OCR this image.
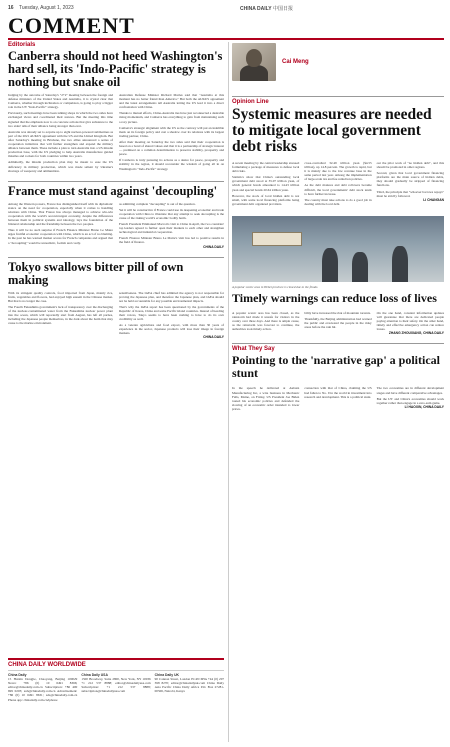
16 Tuesday, August 1, 2023	CHINA DAILY 中国日报
COMMENT
Editorials
Canberra should not heed Washington's hard sell, its 'Indo-Pacific' strategy is nothing but snake oil

Judging by the outcome of Saturday's "2+2" meeting between the foreign and defense ministers of the United States and Australia, it is crystal clear that Canberra, whether through inclination or compulsion, is going to play a bigger role in the US' "Indo-Pacific" strategy.

Previously, such meetings have been talking shops in which the two sides have exchanged views and coordinated their stances. But the meeting this time signaled that the emphasis now is on concrete actions that give substance to the two sides' talk of their alliance being stronger than ever.

Australia was already set to acquire up to eight nuclear-powered submarines as part of the 2021 AUKUS agreement with the US and the United Kingdom. But after Saturday's meeting in Brisbane, the two allies announced a series of cooperation initiatives that will further strengthen and expand the military alliance between them. These include a plan to turn Australia into a US missile production base, with the US pledging to help Australia manufacture guided missiles and rockets for both countries within two years.

Admittedly, the missile production plan may be meant to ease the US deficiency in military production, which was made salient by Ukraine's shortage of weaponry and ammunition.

Australian Defense Minister Richard Marles said that "Australia at this moment has no better friend than America." But both the AUKUS agreement and the latest arrangements tell Australia letting the US lead it into a direct confrontation with China.

Thanks to mutual efforts, China-Australia ties have just reconnected a desirable rising momentum, and Canberra has everything to gain from maintaining such a rosy picture.

Canberra's strategic alignment with the US as the contrary will put an indelible mark on its foreign policy and cast a shadow over its relations with its largest trading partner, China.

After their meeting on Saturday the two sides said that their cooperation is based on a bond of shared values and that it is a partnership of strategic interest — premised on a common determination to preserve stability, prosperity and peace.

If Canberra is truly pursuing its actions as a desire for peace, prosperity and stability in the region, it should reconsider the wisdom of going all in on Washington's "Indo-Pacific" strategy.

France must stand against 'decoupling'

Among the Western powers, France has distinguished itself with its diplomatic stance on the need for cooperation, especially when it comes to handling relations with China. That France has always managed to achieve win-win cooperation with the world's second-largest economy, despite the differences between them in political systems and ideology, lays the foundation of the bilateral relationship and the friendship between the two peoples.

Thus it will be no such surprise if French Finance Minister Bruno Le Maire urges fruitful economic cooperation with China, which is an act of no blaming. In the past he has warned market access for French companies and argued that a "decoupling" would be unrealistic, foolish and costly.

as admitting complete "decoupling" is out of the question.

Yet it will be constructive if France could use its deepening economic and trade cooperation with China to illustrate that any attempt to seek decoupling is the cause of the risking world's economic bodily harm.

French President Emmanuel Macron's visit to China in April, the two countries' top leaders agreed to further open their markets to each other and strengthen technological and industrial cooperation.

French Finance Minister Bruno Le Maire's visit has led to positive results in the field of finance.

CHINA DAILY

Tokyo swallows bitter pill of own making

With its stringent quality controls, food imported from Japan, mainly rice, fruits, vegetables and flowers, had enjoyed high esteem in the Chinese market. But that is no longer the case.

The Fourth Fukushima government's lack of transparency over the discharging of the nuclear-contaminated water from the Fukushima nuclear power plant into the ocean, which will reportedly start from August, has left all parties, including the Japanese people themselves, in the dark about the harm that may cause to the marine environment.

sensitiveness. The IAEA chief has admitted the agency is not responsible for proving the Japanese plan, and therefore the Japanese plan, and IAEA should not be held accountable for any possible environmental impacts.

That's why the IAEA report has been questioned by the governments of the Republic of Korea, China and some Pacific island countries. Instead of heeding their voices, Tokyo seems to have been rushing to have to do its own credibility as well.

As a veteran agriculture and food export, with more than 30 years of experience in the sector, Japanese products will lose their image in foreign markets.

CHINA DAILY

CHINA DAILY WORLDWIDE
China Daily
15 Huixin Dongjie, Chaoyang, Beijing 100029 News: +86 (0) 10 6491 8366; editor@chinadaily.com.cn Subscription: +86 400 699 0203; sub@chinadaily.com.cn Advertisement: +86 (0) 10 6491 8631; ads@chinadaily.com.cn Phone app: chinadaily.com.cn/iphone
China Daily USA
1500 Broadway, Suite 2800, New York, NY 10036 +1 212 537 8888; editor@chinadailyusa.com Subscription: +1 212 537 8888; subscription@chinadailyusa.com
China Daily UK
90 Cannon Street, London EC4N 6HA +44 (0) 207 398 8270; editor@chinadailyuk.com China Daily Asia Pacific China Daily Africa P.O. Box 27281-00506, Nairobi, Kenya
Cai Meng
Opinion Line
Systemic measures are needed to mitigate local government debt risks

A recent meeting by the central leadership stressed formulating a package of measures to defuse local debt risks.

Statistics show that China's outstanding local government debt stood at 35.07 trillion yuan, of which general bonds amounted to 14.43 trillion yuan and special bonds 20.64 trillion yuan.

However, the stock of local hidden debt is not small, with some local financing platforms being government debt organized providers.

cross-controlled 32.49 trillion yuan ($4.55 trillion), up 14.8 percent. The growth is rapid, but it is mainly due to the low revenue base in the same period last year. Among the implementation of large-scale tax and fee reduction policies.

As the debt matures and debt rollovers became difficult, the local governments' debt stock tends to have further increase.

The country must take actions to do a good job in dealing with the local debt.

out the pilot work of "no hidden debt", and this should be promoted in other regions.

Second, given that local government financing platforms are the main source of hidden debts, they should gradually be stripped of financing functions.

Third, the principle that "whoever borrows repays" must be strictly followed.

LI CHANGAN

A popular scenic area in Hebei province is closed due to the floods.

Timely warnings can reduce loss of lives

A popular scenic area has been closed, as the rainstorm had made it unsafe for visitors in the county over three days. And there is ample cause, as the rainstorm was forecast to continue, the authorities took timely action.

bility have increased the risk of mountain torrents.

Thankfully, the Beijing administration had warned the public and evacuated the people in the risky areas before the rain hit.

On the one hand, constant information updates will guarantee that there are dedicated people paying attention to their safety. On the other hand, timely and effective emergency action can reduce losses.

ZHANG ZHOUXIANG, CHINA DAILY

What They Say
Pointing to the 'narrative gap' a political stunt

In the speech he delivered at Auburn Manufacturing Inc, a wire business in Mechanic Falls, Maine, on Friday, US President Joe Biden touted his economic policies and defended the slowing of an economic order intended to lower prices.

connection with that of China, claiming the US had fallen to No. 9 in the world in investment into research and development. This is a political stunt.

The two economies are in different development stages and have different comparative advantages.

But the US' and China's economies should work together rather than engage in a zero-sum game.

LI HAOXIN, CHINA DAILY
